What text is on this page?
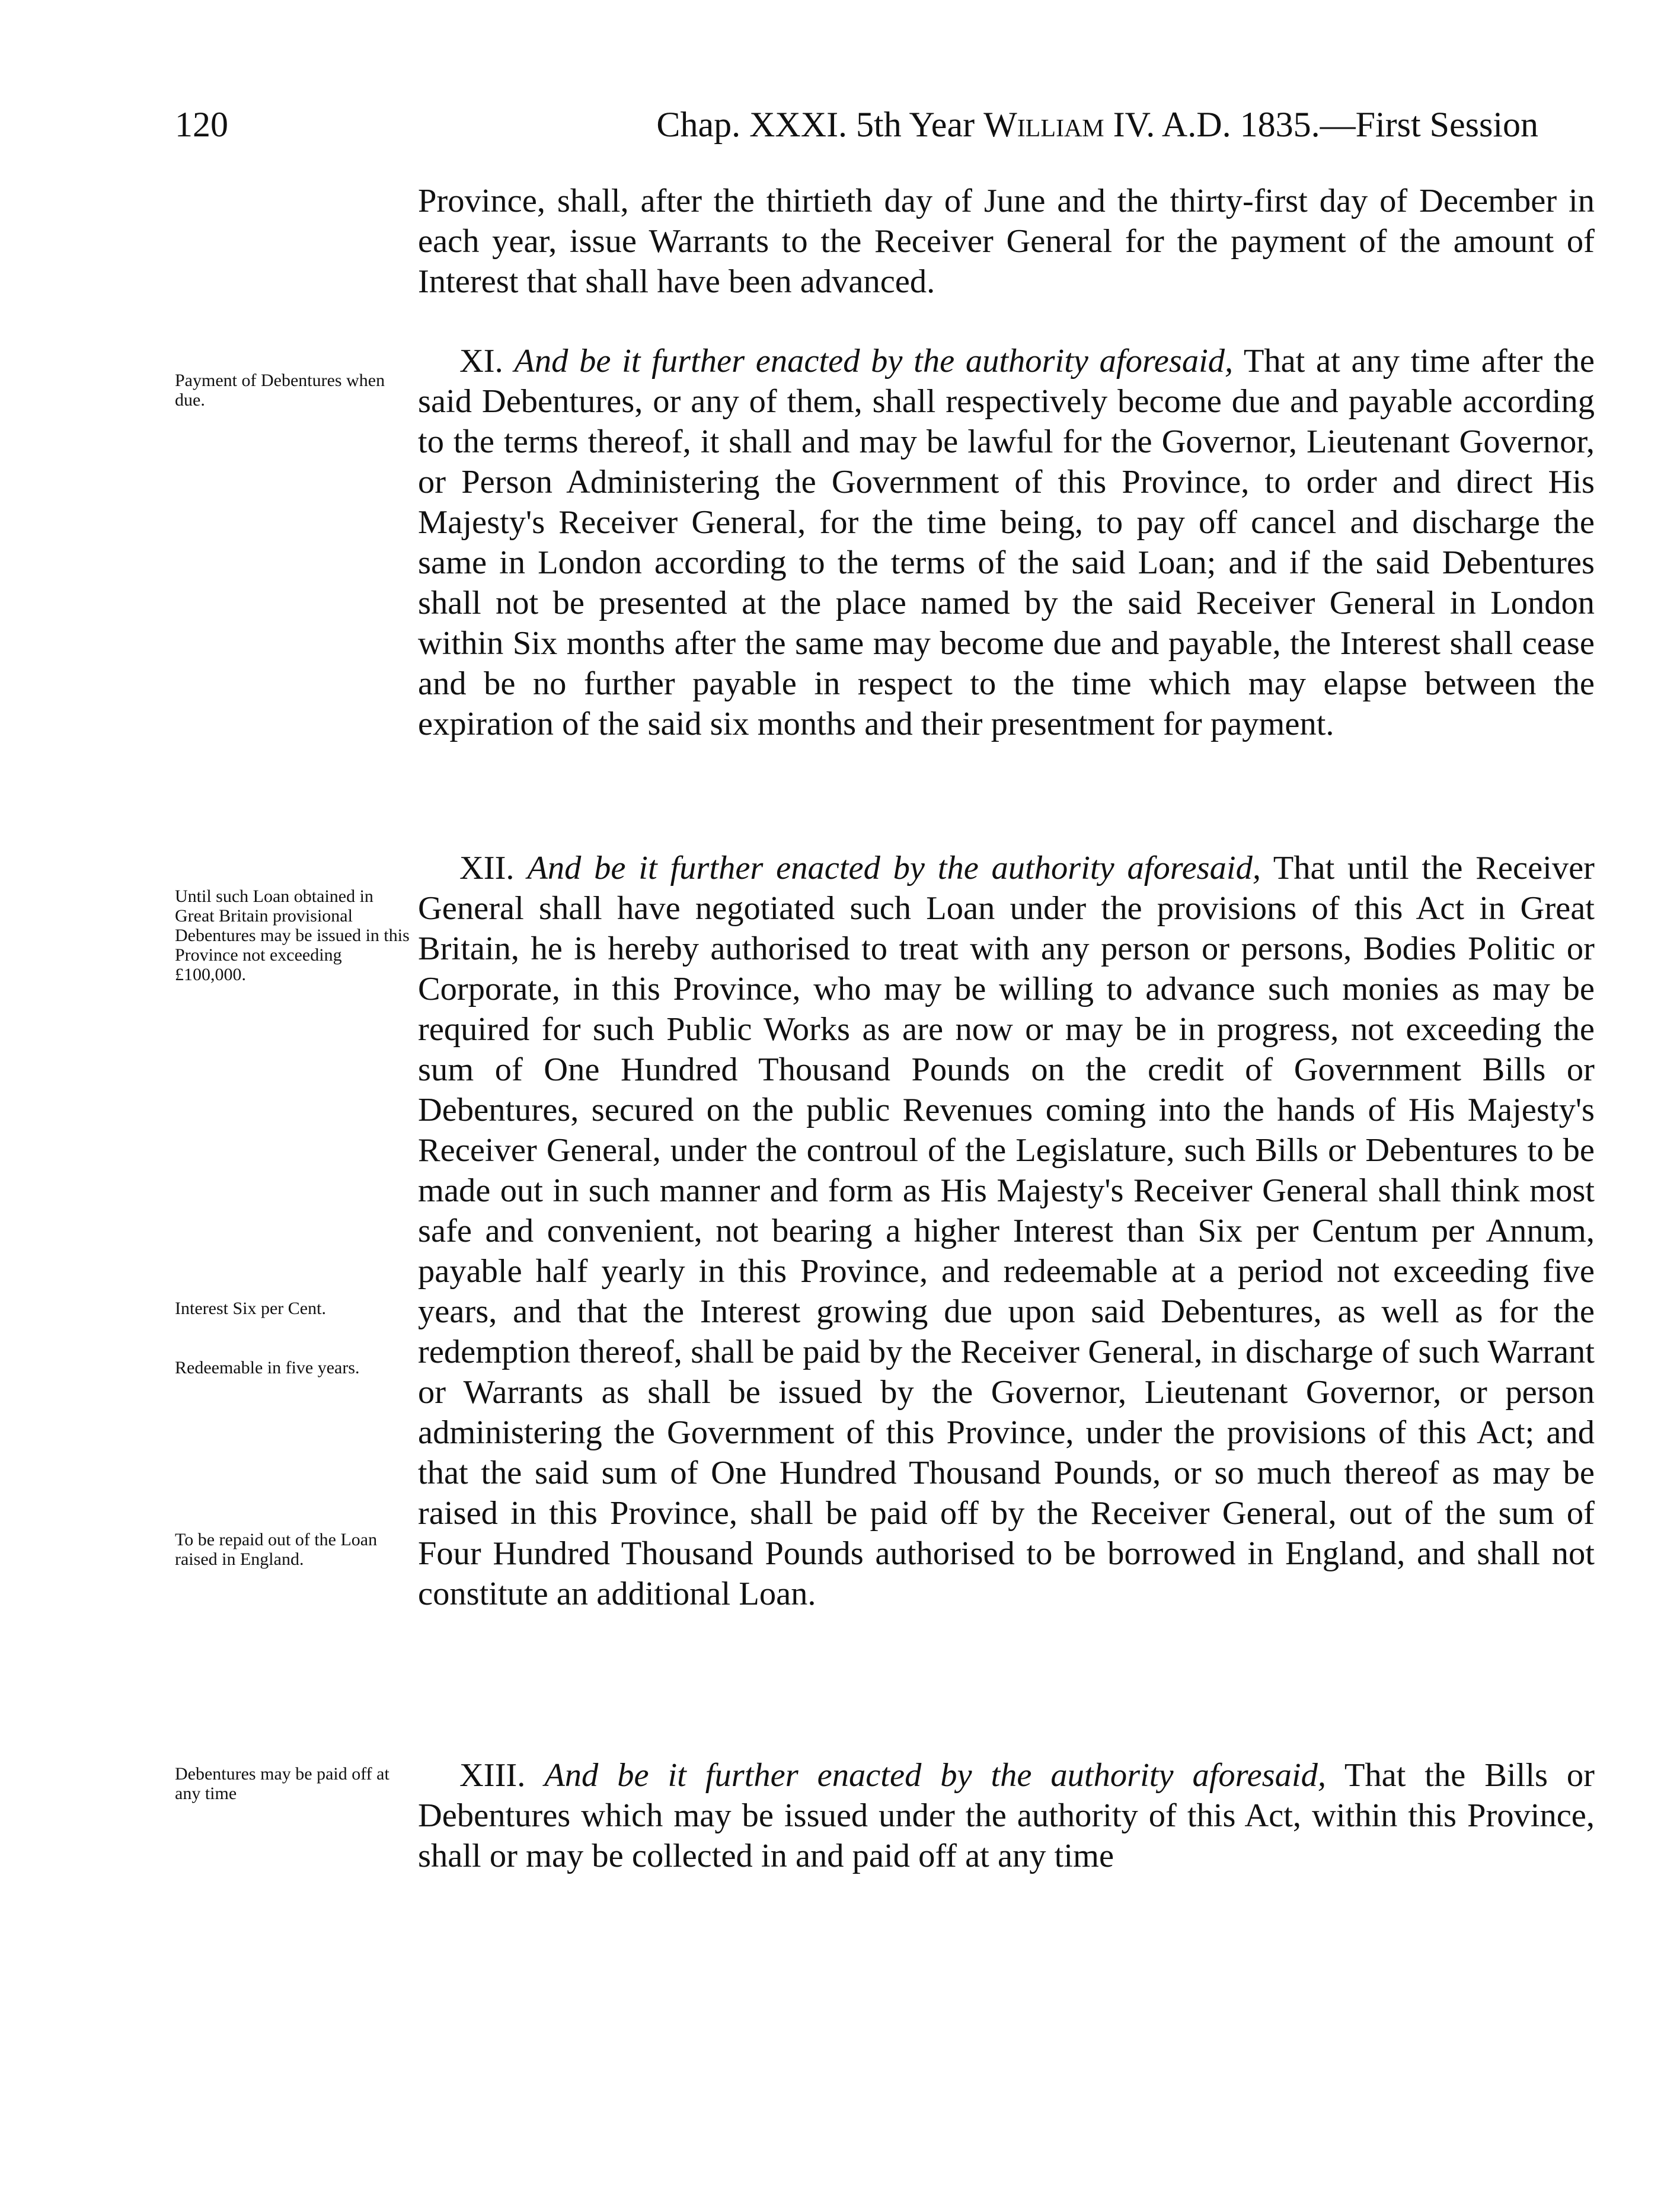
120	Chap. XXXI. 5th Year William IV. A.D. 1835.—First Session

Province, shall, after the thirtieth day of June and the thirty-first day of December in each year, issue Warrants to the Receiver General for the payment of the amount of Interest that shall have been advanced.

Payment of Debentures when due.

XI. And be it further enacted by the authority aforesaid, That at any time after the said Debentures, or any of them, shall respectively become due and payable according to the terms thereof, it shall and may be lawful for the Governor, Lieutenant Governor, or Person Administering the Government of this Province, to order and direct His Majesty's Receiver General, for the time being, to pay off cancel and discharge the same in London according to the terms of the said Loan; and if the said Debentures shall not be presented at the place named by the said Receiver General in London within Six months after the same may become due and payable, the Interest shall cease and be no further payable in respect to the time which may elapse between the expiration of the said six months and their presentment for payment.

Until such Loan obtained in Great Britain provisional Debentures may be issued in this Province not exceeding £100,000.

Interest Six per Cent.

Redeemable in five years.

To be repaid out of the Loan raised in England.

XII. And be it further enacted by the authority aforesaid, That until the Receiver General shall have negotiated such Loan under the provisions of this Act in Great Britain, he is hereby authorised to treat with any person or persons, Bodies Politic or Corporate, in this Province, who may be willing to advance such monies as may be required for such Public Works as are now or may be in progress, not exceeding the sum of One Hundred Thousand Pounds on the credit of Government Bills or Debentures, secured on the public Revenues coming into the hands of His Majesty's Receiver General, under the controul of the Legislature, such Bills or Debentures to be made out in such manner and form as His Majesty's Receiver General shall think most safe and convenient, not bearing a higher Interest than Six per Centum per Annum, payable half yearly in this Province, and redeemable at a period not exceeding five years, and that the Interest growing due upon said Debentures, as well as for the redemption thereof, shall be paid by the Receiver General, in discharge of such Warrant or Warrants as shall be issued by the Governor, Lieutenant Governor, or person administering the Government of this Province, under the provisions of this Act; and that the said sum of One Hundred Thousand Pounds, or so much thereof as may be raised in this Province, shall be paid off by the Receiver General, out of the sum of Four Hundred Thousand Pounds authorised to be borrowed in England, and shall not constitute an additional Loan.

Debentures may be paid off at any time	XIII. And be it further enacted by the authority aforesaid, That the Bills or Debentures which may be issued under the authority of this Act, within this Province, shall or may be collected in and paid off at any time
